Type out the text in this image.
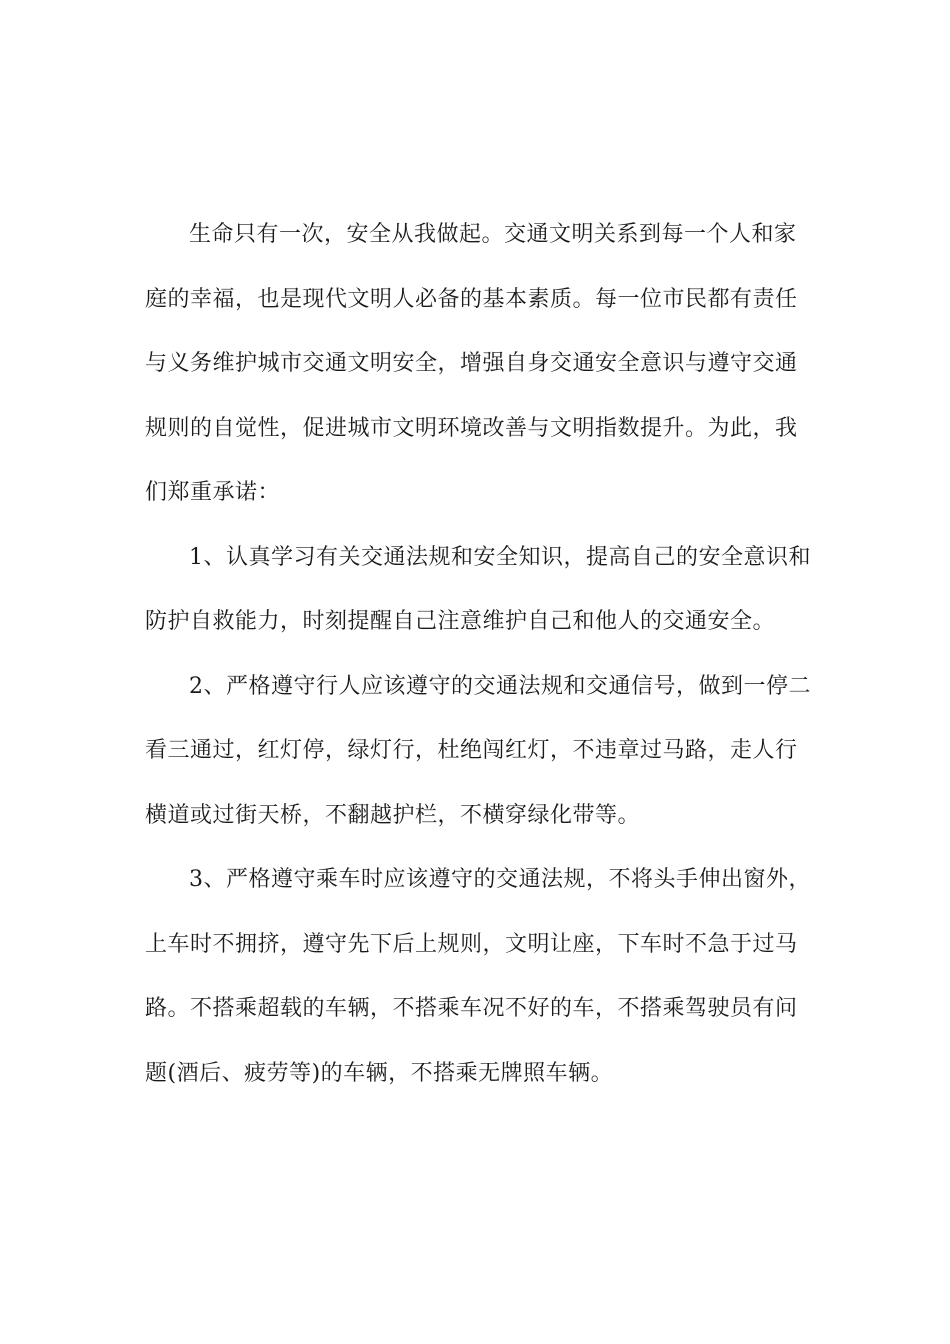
生命只有一次，安全从我做起。交通文明关系到每一个人和家
庭的幸福，也是现代文明人必备的基本素质。每一位市民都有责任
与义务维护城市交通文明安全，增强自身交通安全意识与遵守交通
规则的自觉性，促进城市文明环境改善与文明指数提升。为此，我
们郑重承诺：
1、认真学习有关交通法规和安全知识，提高自己的安全意识和
防护自救能力，时刻提醒自己注意维护自己和他人的交通安全。
2、严格遵守行人应该遵守的交通法规和交通信号，做到一停二
看三通过，红灯停，绿灯行，杜绝闯红灯，不违章过马路，走人行
横道或过街天桥，不翻越护栏，不横穿绿化带等。
3、严格遵守乘车时应该遵守的交通法规，不将头手伸出窗外，
上车时不拥挤，遵守先下后上规则，文明让座，下车时不急于过马
路。不搭乘超载的车辆，不搭乘车况不好的车，不搭乘驾驶员有问
题(酒后、疲劳等)的车辆，不搭乘无牌照车辆。
